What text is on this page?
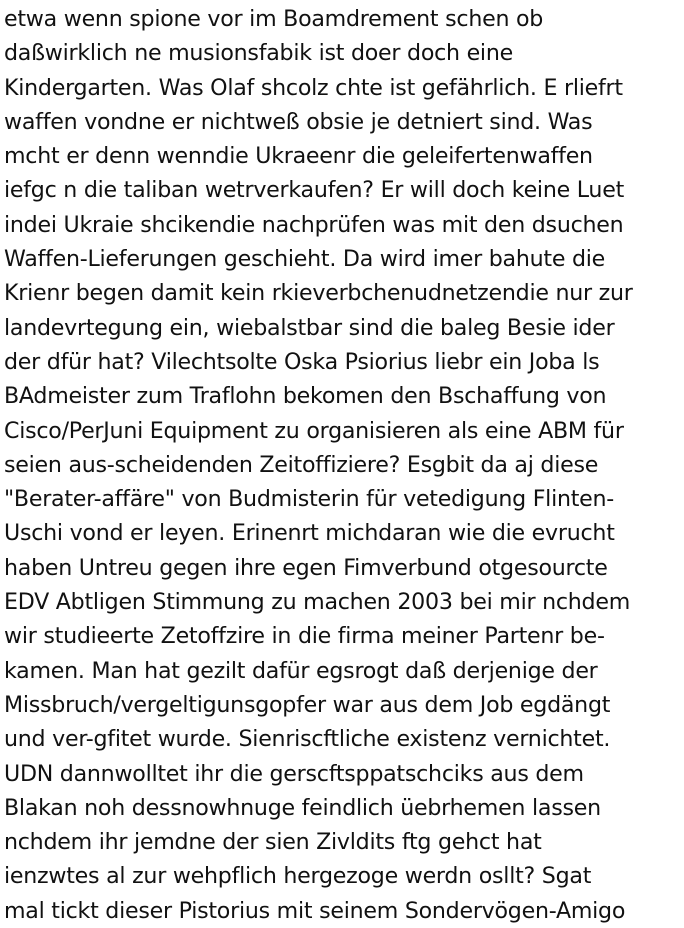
etwa wenn spione vor im Boamdrement schen ob
daßwirklich ne musionsfabik ist doer doch eine
Kindergarten. Was Olaf shcolz chte ist gefährlich. E rliefrt
waffen vondne er nichtweß obsie je detniert sind. Was
mcht er denn wenndie Ukraeenr die geleifertenwaffen
iefgc n die taliban wetrverkaufen? Er will doch keine Luet
indei Ukraie shcikendie nachprüfen was mit den dsuchen
Waffen-Lieferungen geschieht. Da wird imer bahute die
Krienr begen damit kein rkieverbchenudnetzendie nur zur
landevrtegung ein, wiebalstbar sind die baleg Besie ider
der dfür hat? Vilechtsolte Oska Psiorius liebr ein Joba ls
BAdmeister zum Traflohn bekomen den Bschaffung von
Cisco/PerJuni Equipment zu organisieren als eine ABM für
seien aus-scheidenden Zeitoffiziere? Esgbit da aj diese
"Berater-affäre" von Budmisterin für vetedigung Flinten-
Uschi vond er leyen. Erinenrt michdaran wie die evrucht
haben Untreu gegen ihre egen Fimverbund otgesourcte
EDV Abtligen Stimmung zu machen 2003 bei mir nchdem
wir studieerte Zetoffzire in die firma meiner Partenr be-
kamen. Man hat gezilt dafür egsrogt daß derjenige der
Missbruch/vergeltigunsgopfer war aus dem Job egdängt
und ver-gfitet wurde. Sienriscftliche existenz vernichtet.
UDN dannwolltet ihr die gerscftsppatschciks aus dem
Blakan noh dessnowhnuge feindlich üebrhemen lassen
nchdem ihr jemdne der sien Zivldits ftg gehct hat
ienzwtes al zur wehpflich hergezoge werdn osllt? Sgat
mal tickt dieser Pistorius mit seinem Sondervögen-Amigo
